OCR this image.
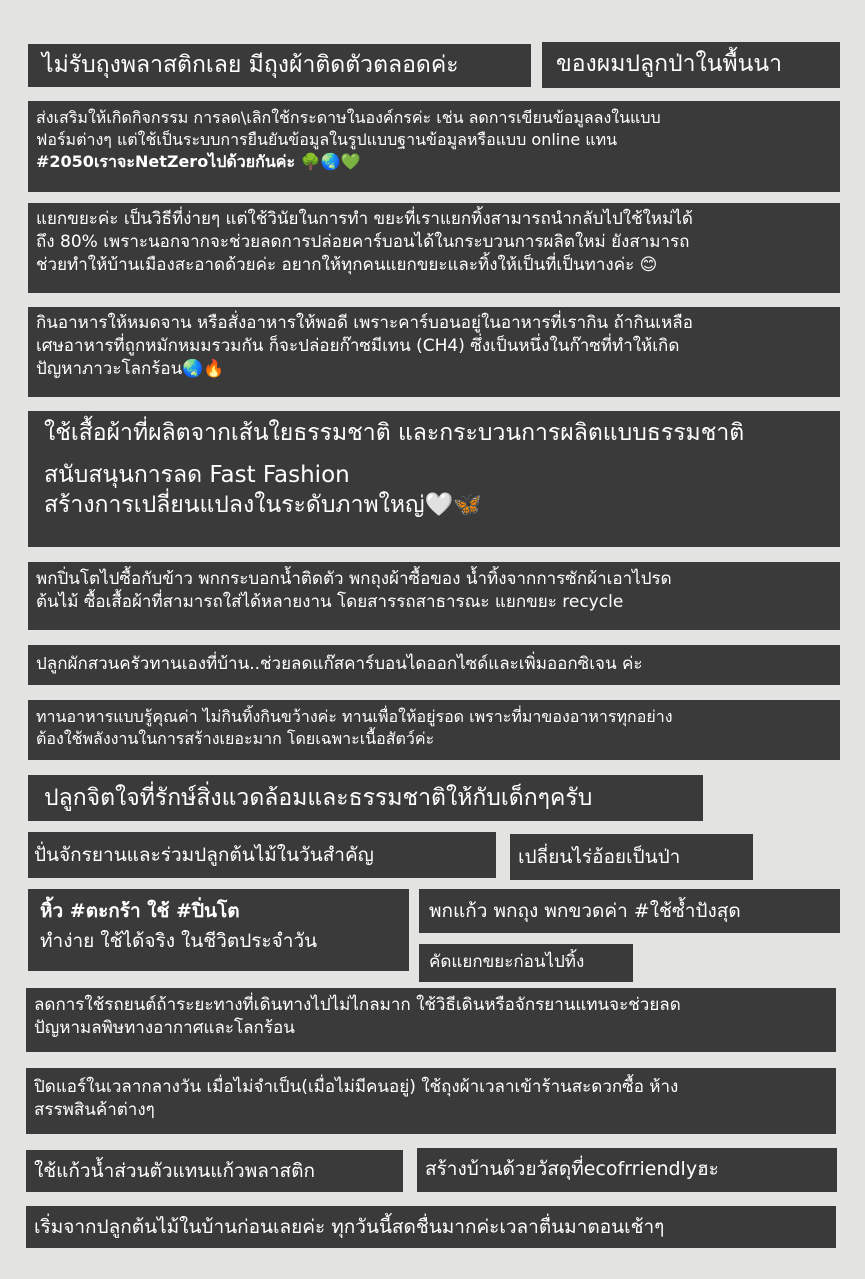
ไม่รับถุงพลาสติกเลย มีถุงผ้าติดตัวตลอดค่ะ	ของผมปลูกป่าในพื้นนา
ส่งเสริมให้เกิดกิจกรรม การลด\เลิกใช้กระดาษในองค์กรค่ะ เช่น ลดการเขียนข้อมูลลงในแบบ
ฟอร์มต่างๆ แต่ใช้เป็นระบบการยืนยันข้อมูลในรูปแบบฐานข้อมูลหรือแบบ online แทน
#2050เราจะNetZeroไปด้วยกันค่ะ 🌳🌏💚
แยกขยะค่ะ เป็นวิธีที่ง่ายๆ แต่ใช้วินัยในการทำ ขยะที่เราแยกทิ้งสามารถนำกลับไปใช้ใหม่ได้
ถึง 80% เพราะนอกจากจะช่วยลดการปล่อยคาร์บอนได้ในกระบวนการผลิตใหม่ ยังสามารถ
ช่วยทำให้บ้านเมืองสะอาดด้วยค่ะ อยากให้ทุกคนแยกขยะและทิ้งให้เป็นที่เป็นทางค่ะ 😊
กินอาหารให้หมดจาน หรือสั่งอาหารให้พอดี เพราะคาร์บอนอยู่ในอาหารที่เรากิน ถ้ากินเหลือ
เศษอาหารที่ถูกหมักหมมรวมกัน ก็จะปล่อยก๊าซมีเทน (CH4) ซึ่งเป็นหนึ่งในก๊าซที่ทำให้เกิด
ปัญหาภาวะโลกร้อน🌏🔥
ใช้เสื้อผ้าที่ผลิตจากเส้นใยธรรมชาติ และกระบวนการผลิตแบบธรรมชาติ
สนับสนุนการลด Fast Fashion
สร้างการเปลี่ยนแปลงในระดับภาพใหญ่🤍🦋
พกปิ่นโตไปซื้อกับข้าว พกกระบอกน้ำติดตัว พกถุงผ้าซื้อของ น้ำทิ้งจากการซักผ้าเอาไปรด
ต้นไม้ ซื้อเสื้อผ้าที่สามารถใส่ได้หลายงาน โดยสารรถสาธารณะ แยกขยะ recycle
ปลูกผักสวนครัวทานเองที่บ้าน..ช่วยลดแก๊สคาร์บอนไดออกไซด์และเพิ่มออกซิเจน ค่ะ
ทานอาหารแบบรู้คุณค่า ไม่กินทิ้งกินขว้างค่ะ ทานเพื่อให้อยู่รอด เพราะที่มาของอาหารทุกอย่าง
ต้องใช้พลังงานในการสร้างเยอะมาก โดยเฉพาะเนื้อสัตว์ค่ะ
ปลูกจิตใจที่รักษ์สิ่งแวดล้อมและธรรมชาติให้กับเด็กๆครับ
ปั่นจักรยานและร่วมปลูกต้นไม้ในวันสำคัญ	เปลี่ยนไร่อ้อยเป็นป่า
หิ้ว #ตะกร้า ใช้ #ปิ่นโต
ทำง่าย ใช้ได้จริง ในชีวิตประจำวัน
พกแก้ว พกถุง พกขวดค่า #ใช้ซ้ำปังสุด
คัดแยกขยะก่อนไปทิ้ง
ลดการใช้รถยนต์ถ้าระยะทางที่เดินทางไปไม่ไกลมาก ใช้วิธีเดินหรือจักรยานแทนจะช่วยลด
ปัญหามลพิษทางอากาศและโลกร้อน
ปิดแอร์ในเวลากลางวัน เมื่อไม่จำเป็น(เมื่อไม่มีคนอยู่) ใช้ถุงผ้าเวลาเข้าร้านสะดวกซื้อ ห้าง
สรรพสินค้าต่างๆ
ใช้แก้วน้ำส่วนตัวแทนแก้วพลาสติก	สร้างบ้านด้วยวัสดุที่ecofrriendlyฮะ
เริ่มจากปลูกต้นไม้ในบ้านก่อนเลยค่ะ ทุกวันนี้สดชื่นมากค่ะเวลาตื่นมาตอนเช้าๆ
